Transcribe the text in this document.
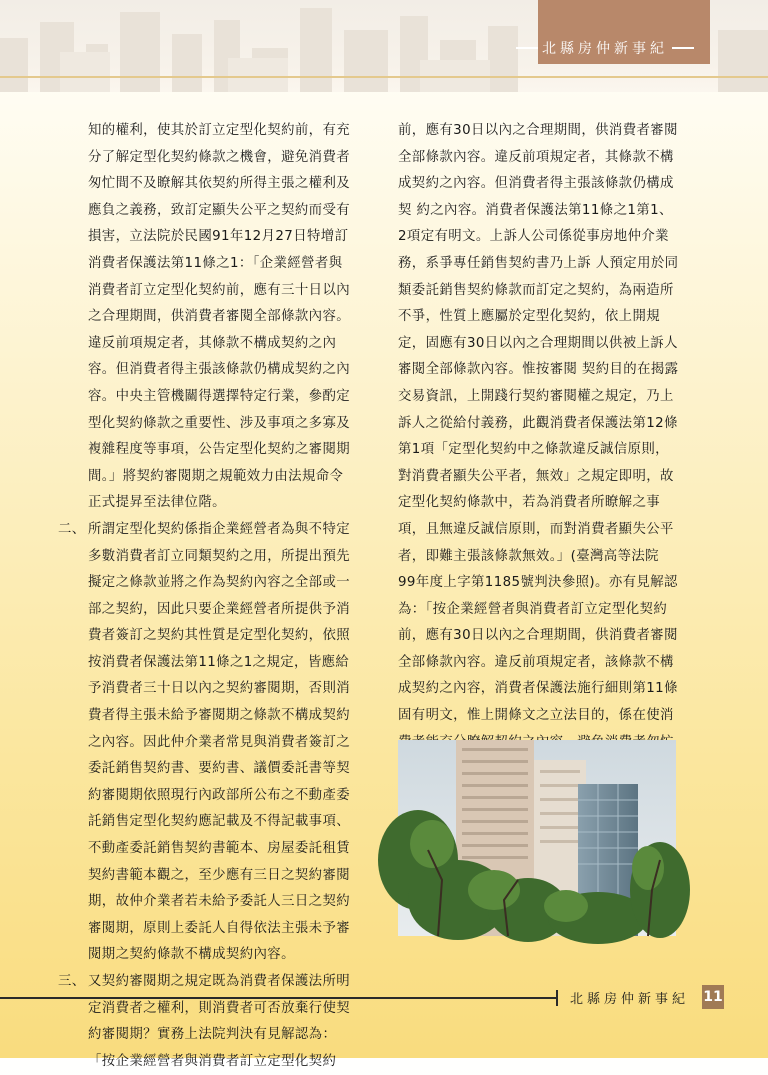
北縣房仲新事紀
知的權利，使其於訂立定型化契約前，有充
分了解定型化契約條款之機會，避免消費者
匆忙間不及瞭解其依契約所得主張之權利及
應負之義務，致訂定顯失公平之契約而受有
損害，立法院於民國91年12月27日特增訂
消費者保護法第11條之1：「企業經營者與
消費者訂立定型化契約前，應有三十日以內
之合理期間，供消費者審閱全部條款內容。
違反前項規定者，其條款不構成契約之內
容。但消費者得主張該條款仍構成契約之內
容。中央主管機關得選擇特定行業，參酌定
型化契約條款之重要性、涉及事項之多寡及
複雜程度等事項，公告定型化契約之審閱期
間。」將契約審閱期之規範效力由法規命令
正式提昇至法律位階。
二、 所謂定型化契約係指企業經營者為與不特定
多數消費者訂立同類契約之用，所提出預先
擬定之條款並將之作為契約內容之全部或一
部之契約，因此只要企業經營者所提供予消
費者簽訂之契約其性質是定型化契約，依照
按消費者保護法第11條之1之規定，皆應給
予消費者三十日以內之契約審閱期，否則消
費者得主張未給予審閱期之條款不構成契約
之內容。因此仲介業者常見與消費者簽訂之
委託銷售契約書、要約書、議價委託書等契
約審閱期依照現行內政部所公布之不動產委
託銷售定型化契約應記載及不得記載事項、
不動產委託銷售契約書範本、房屋委託租賃
契約書範本觀之，至少應有三日之契約審閱
期，故仲介業者若未給予委託人三日之契約
審閱期，原則上委託人自得依法主張未予審
閱期之契約條款不構成契約內容。
三、 又契約審閱期之規定既為消費者保護法所明
定消費者之權利，則消費者可否放棄行使契
約審閱期？實務上法院判決有見解認為：
「按企業經營者與消費者訂立定型化契約
前，應有30日以內之合理期間，供消費者審閱
全部條款內容。違反前項規定者，其條款不構
成契約之內容。但消費者得主張該條款仍構成
契 約之內容。消費者保護法第11條之1第1、
2項定有明文。上訴人公司係從事房地仲介業
務，系爭專任銷售契約書乃上訴 人預定用於同
類委託銷售契約條款而訂定之契約，為兩造所
不爭，性質上應屬於定型化契約，依上開規
定，固應有30日以內之合理期間以供被上訴人
審閱全部條款內容。惟按審閱 契約目的在揭露
交易資訊，上開踐行契約審閱權之規定，乃上
訴人之從給付義務，此觀消費者保護法第12條
第1項「定型化契約中之條款違反誠信原則，
對消費者顯失公平者，無效」之規定即明，故
定型化契約條款中，若為消費者所瞭解之事
項，且無違反誠信原則，而對消費者顯失公平
者，即難主張該條款無效。」(臺灣高等法院
99年度上字第1185號判決參照)。亦有見解認
為：「按企業經營者與消費者訂立定型化契約
前，應有30日以內之合理期間，供消費者審閱
全部條款內容。違反前項規定者，該條款不構
成契約之內容，消費者保護法施行細則第11條
固有明文，惟上開條文之立法目的，係在使消
北縣房仲新事紀 11
